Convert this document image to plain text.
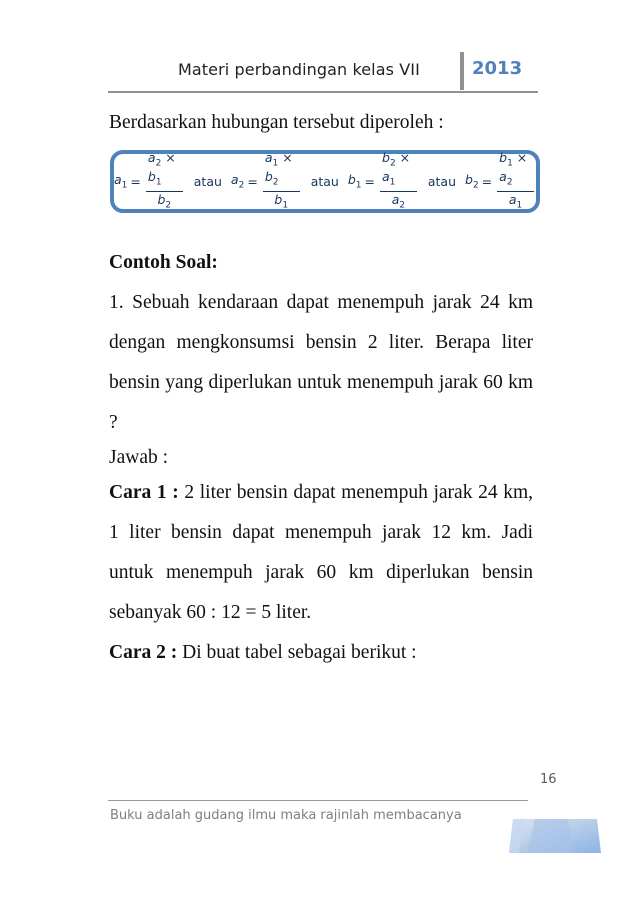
Materi perbandingan kelas VII	2013

Berdasarkan hubungan tersebut diperoleh :

$a_1 = \frac{a_2 \times b_1}{b_2}$ atau $a_2 = \frac{a_1 \times b_2}{b_1}$ atau $b_1 = \frac{b_2 \times a_1}{a_2}$ atau $b_2 = \frac{b_1 \times a_2}{a_1}$

Contoh Soal:

1. Sebuah kendaraan dapat menempuh jarak 24 km dengan mengkonsumsi bensin 2 liter. Berapa liter bensin yang diperlukan untuk menempuh jarak 60 km ?

Jawab :

Cara 1 : 2 liter bensin dapat menempuh jarak 24 km, 1 liter bensin dapat menempuh jarak 12 km. Jadi untuk menempuh jarak 60 km diperlukan bensin sebanyak 60 : 12 = 5 liter.

Cara 2 : Di buat tabel sebagai berikut :

16
Buku adalah gudang ilmu maka rajinlah membacanya
